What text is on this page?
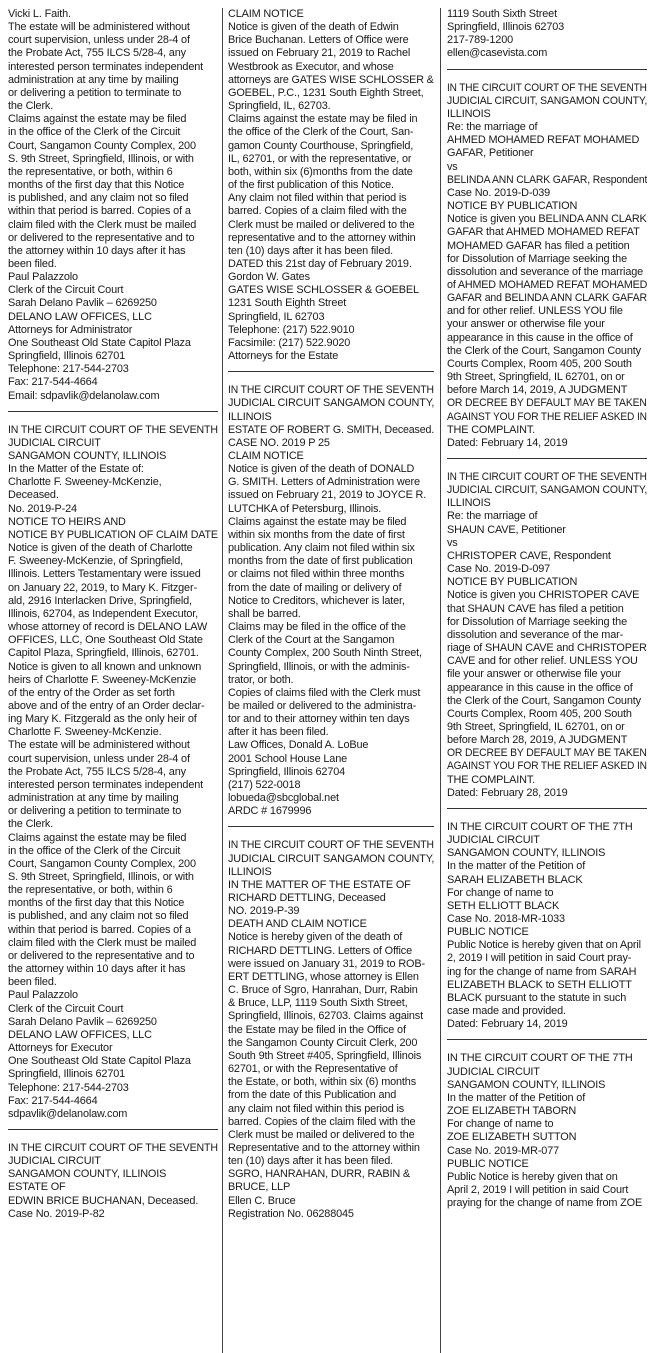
Vicki L. Faith.
The estate will be administered without
court supervision, unless under 28-4 of
the Probate Act, 755 ILCS 5/28-4, any
interested person terminates independent
administration at any time by mailing
or delivering a petition to terminate to
the Clerk.
Claims against the estate may be filed
in the office of the Clerk of the Circuit
Court, Sangamon County Complex, 200
S. 9th Street, Springfield, Illinois, or with
the representative, or both, within 6
months of the first day that this Notice
is published, and any claim not so filed
within that period is barred. Copies of a
claim filed with the Clerk must be mailed
or delivered to the representative and to
the attorney within 10 days after it has
been filed.
Paul Palazzolo
Clerk of the Circuit Court
Sarah Delano Pavlik – 6269250
DELANO LAW OFFICES, LLC
Attorneys for Administrator
One Southeast Old State Capitol Plaza
Springfield, Illinois 62701
Telephone: 217-544-2703
Fax: 217-544-4664
Email: sdpavlik@delanolaw.com
IN THE CIRCUIT COURT OF THE SEVENTH
JUDICIAL CIRCUIT
SANGAMON COUNTY, ILLINOIS
In the Matter of the Estate of:
Charlotte F. Sweeney-McKenzie,
Deceased.
No. 2019-P-24
NOTICE TO HEIRS AND
NOTICE BY PUBLICATION OF CLAIM DATE
Notice is given of the death of Charlotte
F. Sweeney-McKenzie, of Springfield,
Illinois. Letters Testamentary were issued
on January 22, 2019, to Mary K. Fitzger-
ald, 2916 Interlacken Drive, Springfield,
Illinois, 62704, as Independent Executor,
whose attorney of record is DELANO LAW
OFFICES, LLC, One Southeast Old State
Capitol Plaza, Springfield, Illinois, 62701.
Notice is given to all known and unknown
heirs of Charlotte F. Sweeney-McKenzie
of the entry of the Order as set forth
above and of the entry of an Order declar-
ing Mary K. Fitzgerald as the only heir of
Charlotte F. Sweeney-McKenzie.
The estate will be administered without
court supervision, unless under 28-4 of
the Probate Act, 755 ILCS 5/28-4, any
interested person terminates independent
administration at any time by mailing
or delivering a petition to terminate to
the Clerk.
Claims against the estate may be filed
in the office of the Clerk of the Circuit
Court, Sangamon County Complex, 200
S. 9th Street, Springfield, Illinois, or with
the representative, or both, within 6
months of the first day that this Notice
is published, and any claim not so filed
within that period is barred. Copies of a
claim filed with the Clerk must be mailed
or delivered to the representative and to
the attorney within 10 days after it has
been filed.
Paul Palazzolo
Clerk of the Circuit Court
Sarah Delano Pavlik – 6269250
DELANO LAW OFFICES, LLC
Attorneys for Executor
One Southeast Old State Capitol Plaza
Springfield, Illinois 62701
Telephone: 217-544-2703
Fax: 217-544-4664
sdpavlik@delanolaw.com
IN THE CIRCUIT COURT OF THE SEVENTH
JUDICIAL CIRCUIT
SANGAMON COUNTY, ILLINOIS
ESTATE OF
EDWIN BRICE BUCHANAN, Deceased.
Case No. 2019-P-82
CLAIM NOTICE
Notice is given of the death of Edwin
Brice Buchanan. Letters of Office were
issued on February 21, 2019 to Rachel
Westbrook as Executor, and whose
attorneys are GATES WISE SCHLOSSER &
GOEBEL, P.C., 1231 South Eighth Street,
Springfield, IL, 62703.
Claims against the estate may be filed in
the office of the Clerk of the Court, San-
gamon County Courthouse, Springfield,
IL, 62701, or with the representative, or
both, within six (6)months from the date
of the first publication of this Notice.
Any claim not filed within that period is
barred. Copies of a claim filed with the
Clerk must be mailed or delivered to the
representative and to the attorney within
ten (10) days after it has been filed.
DATED this 21st day of February 2019.
Gordon W. Gates
GATES WISE SCHLOSSER & GOEBEL
1231 South Eighth Street
Springfield, IL 62703
Telephone: (217) 522.9010
Facsimile: (217) 522.9020
Attorneys for the Estate
IN THE CIRCUIT COURT OF THE SEVENTH
JUDICIAL CIRCUIT SANGAMON COUNTY,
ILLINOIS
ESTATE OF ROBERT G. SMITH, Deceased.
CASE NO. 2019 P 25
CLAIM NOTICE
Notice is given of the death of DONALD
G. SMITH. Letters of Administration were
issued on February 21, 2019 to JOYCE R.
LUTCHKA of Petersburg, Illinois.
Claims against the estate may be filed
within six months from the date of first
publication. Any claim not filed within six
months from the date of first publication
or claims not filed within three months
from the date of mailing or delivery of
Notice to Creditors, whichever is later,
shall be barred.
Claims may be filed in the office of the
Clerk of the Court at the Sangamon
County Complex, 200 South Ninth Street,
Springfield, Illinois, or with the adminis-
trator, or both.
Copies of claims filed with the Clerk must
be mailed or delivered to the administra-
tor and to their attorney within ten days
after it has been filed.
Law Offices, Donald A. LoBue
2001 School House Lane
Springfield, Illinois 62704
(217) 522-0018
lobueda@sbcglobal.net
ARDC # 1679996
IN THE CIRCUIT COURT OF THE SEVENTH
JUDICIAL CIRCUIT SANGAMON COUNTY,
ILLINOIS
IN THE MATTER OF THE ESTATE OF
RICHARD DETTLING, Deceased
NO. 2019-P-39
DEATH AND CLAIM NOTICE
Notice is hereby given of the death of
RICHARD DETTLING. Letters of Office
were issued on January 31, 2019 to ROB-
ERT DETTLING, whose attorney is Ellen
C. Bruce of Sgro, Hanrahan, Durr, Rabin
& Bruce, LLP, 1119 South Sixth Street,
Springfield, Illinois, 62703. Claims against
the Estate may be filed in the Office of
the Sangamon County Circuit Clerk, 200
South 9th Street #405, Springfield, Illinois
62701, or with the Representative of
the Estate, or both, within six (6) months
from the date of this Publication and
any claim not filed within this period is
barred. Copies of the claim filed with the
Clerk must be mailed or delivered to the
Representative and to the attorney within
ten (10) days after it has been filed.
SGRO, HANRAHAN, DURR, RABIN &
BRUCE, LLP
Ellen C. Bruce
Registration No. 06288045
1119 South Sixth Street
Springfield, Illinois 62703
217-789-1200
ellen@casevista.com
IN THE CIRCUIT COURT OF THE SEVENTH
JUDICIAL CIRCUIT, SANGAMON COUNTY,
ILLINOIS
Re: the marriage of
AHMED MOHAMED REFAT MOHAMED
GAFAR, Petitioner
vs
BELINDA ANN CLARK GAFAR, Respondent
Case No. 2019-D-039
NOTICE BY PUBLICATION
Notice is given you BELINDA ANN CLARK
GAFAR that AHMED MOHAMED REFAT
MOHAMED GAFAR has filed a petition
for Dissolution of Marriage seeking the
dissolution and severance of the marriage
of AHMED MOHAMED REFAT MOHAMED
GAFAR and BELINDA ANN CLARK GAFAR
and for other relief. UNLESS YOU file
your answer or otherwise file your
appearance in this cause in the office of
the Clerk of the Court, Sangamon County
Courts Complex, Room 405, 200 South
9th Street, Springfield, IL 62701, on or
before March 14, 2019, A JUDGMENT
OR DECREE BY DEFAULT MAY BE TAKEN
AGAINST YOU FOR THE RELIEF ASKED IN
THE COMPLAINT.
Dated: February 14, 2019
IN THE CIRCUIT COURT OF THE SEVENTH
JUDICIAL CIRCUIT, SANGAMON COUNTY,
ILLINOIS
Re: the marriage of
SHAUN CAVE, Petitioner
vs
CHRISTOPER CAVE, Respondent
Case No. 2019-D-097
NOTICE BY PUBLICATION
Notice is given you CHRISTOPER CAVE
that SHAUN CAVE has filed a petition
for Dissolution of Marriage seeking the
dissolution and severance of the mar-
riage of SHAUN CAVE and CHRISTOPER
CAVE and for other relief. UNLESS YOU
file your answer or otherwise file your
appearance in this cause in the office of
the Clerk of the Court, Sangamon County
Courts Complex, Room 405, 200 South
9th Street, Springfield, IL 62701, on or
before March 28, 2019, A JUDGMENT
OR DECREE BY DEFAULT MAY BE TAKEN
AGAINST YOU FOR THE RELIEF ASKED IN
THE COMPLAINT.
Dated: February 28, 2019
IN THE CIRCUIT COURT OF THE 7TH
JUDICIAL CIRCUIT
SANGAMON COUNTY, ILLINOIS
In the matter of the Petition of
SARAH ELIZABETH BLACK
For change of name to
SETH ELLIOTT BLACK
Case No. 2018-MR-1033
PUBLIC NOTICE
Public Notice is hereby given that on April
2, 2019 I will petition in said Court pray-
ing for the change of name from SARAH
ELIZABETH BLACK to SETH ELLIOTT
BLACK pursuant to the statute in such
case made and provided.
Dated: February 14, 2019
IN THE CIRCUIT COURT OF THE 7TH
JUDICIAL CIRCUIT
SANGAMON COUNTY, ILLINOIS
In the matter of the Petition of
ZOE ELIZABETH TABORN
For change of name to
ZOE ELIZABETH SUTTON
Case No. 2019-MR-077
PUBLIC NOTICE
Public Notice is hereby given that on
April 2, 2019 I will petition in said Court
praying for the change of name from ZOE
